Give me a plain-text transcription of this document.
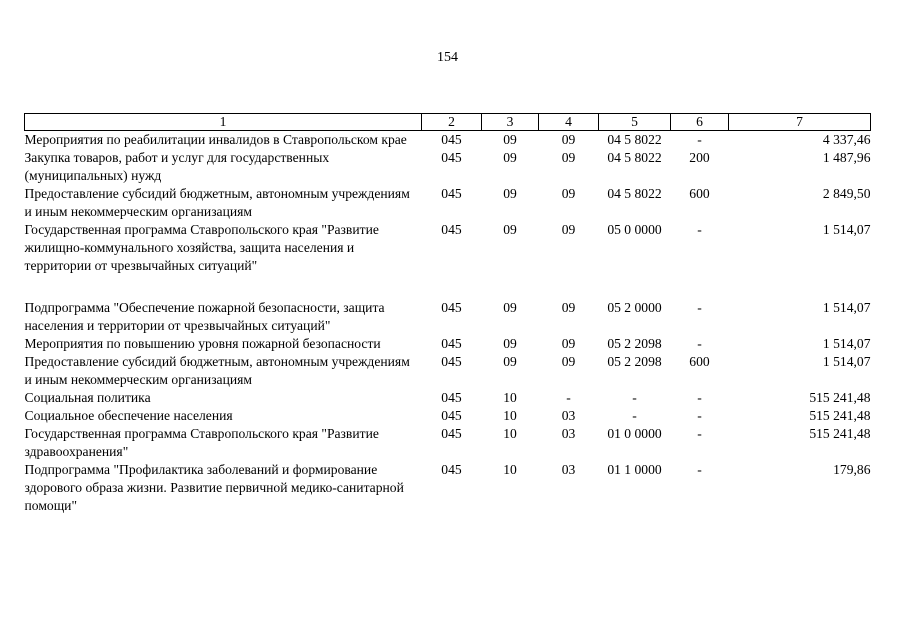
154
1	2	3	4	5	6	7
Мероприятия по реабилитации инвалидов в Ставропольском крае	045	09	09	04 5 8022	-	4 337,46
Закупка товаров, работ и услуг для государственных (муниципальных) нужд	045	09	09	04 5 8022	200	1 487,96
Предоставление субсидий бюджетным, автономным учреждениям и иным некоммерческим организациям	045	09	09	04 5 8022	600	2 849,50
Государственная программа Ставропольского края "Развитие жилищно-коммунального хозяйства, защита населения и территории от чрезвычайных ситуаций"	045	09	09	05 0 0000	-	1 514,07

Подпрограмма "Обеспечение пожарной безопасности, защита населения и территории от чрезвычайных ситуаций"	045	09	09	05 2 0000	-	1 514,07
Мероприятия по повышению уровня пожарной безопасности	045	09	09	05 2 2098	-	1 514,07
Предоставление субсидий бюджетным, автономным учреждениям и иным некоммерческим организациям	045	09	09	05 2 2098	600	1 514,07
Социальная политика	045	10	-	-	-	515 241,48
Социальное обеспечение населения	045	10	03	-	-	515 241,48
Государственная программа Ставропольского края "Развитие здравоохранения"	045	10	03	01 0 0000	-	515 241,48
Подпрограмма "Профилактика заболеваний и формирование здорового образа жизни. Развитие первичной медико-санитарной помощи"	045	10	03	01 1 0000	-	179,86
